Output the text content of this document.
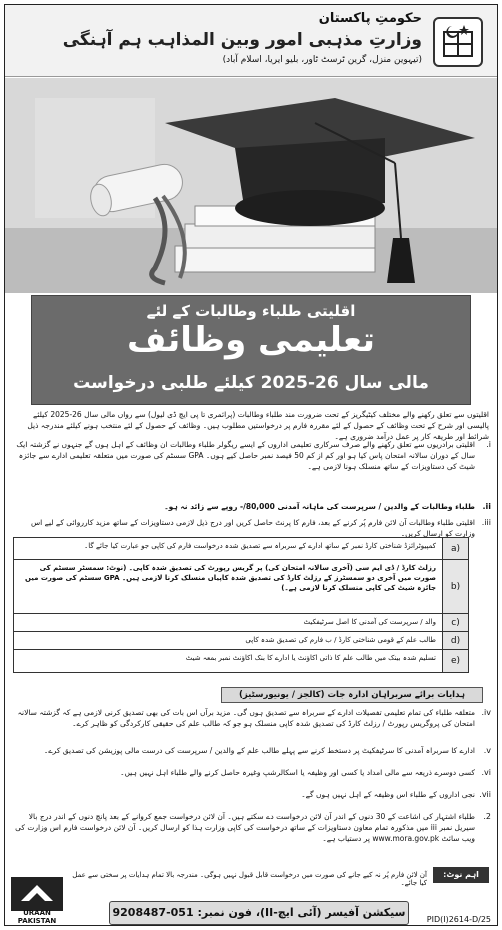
حکومتِ پاکستان
وزارتِ مذہبی امور وبین المذاہب ہم آہنگی
(تیہوین منزل، گرین ٹرسٹ ٹاور، بلیو ایریا، اسلام آباد)
اقلیتی طلباء وطالبات کے لئے
تعلیمی وظائف
مالی سال 26-2025 کیلئے طلبی درخواست
اقلیتوں سے تعلق رکھنے والے مختلف کیٹیگریز کے تحت ضرورت مند طلباء وطالبات (پرائمری تا پی ایچ ڈی لیول) سے رواں مالی سال 26-2025 کیلئے پالیسی اور شرح کے تحت وظائف کے حصول کے لئے مقررہ فارم پر درخواستیں مطلوب ہیں۔ وظائف کے حصول کے لئے منتخب ہونے کیلئے مندرجہ ذیل شرائط اور طریقہ کار پر عمل درآمد ضروری ہے۔
i.
اقلیتی برادریوں سے تعلق رکھنے والے صرف سرکاری تعلیمی اداروں کے ایسے ریگولر طلباء وطالبات ان وظائف کے اہل ہوں گے جنہوں نے گزشتہ ایک سال کے دوران سالانہ امتحان پاس کیا ہو اور کم از کم 50 فیصد نمبر حاصل کیے ہوں۔ GPA سسٹم کی صورت میں متعلقہ تعلیمی ادارے سے جائزہ شیٹ کی دستاویزات کے ساتھ منسلک ہونا لازمی ہے۔
ii.
طلباء وطالبات کے والدین / سرپرست کی ماہانہ آمدنی 80,000/- روپے سے زائد نہ ہو۔
iii.
اقلیتی طلباء وطالبات آن لائن فارم پُر کرنے کے بعد، فارم کا پرنٹ حاصل کریں اور درج ذیل لازمی دستاویزات کے ساتھ مزید کارروائی کے لیے اس وزارت کو ارسال کریں۔
کمپیوٹرائزڈ شناختی کارڈ نمبر کے ساتھ ادارے کے سربراہ سے تصدیق شدہ درخواست فارم کی کاپی جو عبارت کیا جائے گا۔	a)
رزلٹ کارڈ / ڈی ایم سی (آخری سالانہ امتحان کی) پر گریس رپورٹ کی تصدیق شدہ کاپی۔ (نوٹ: سمسٹر سسٹم کی صورت میں آخری دو سمسٹرز کے رزلٹ کارڈ کی تصدیق شدہ کاپیاں منسلک کرنا لازمی ہیں۔ GPA سسٹم کی صورت میں جائزہ شیٹ کی کاپی منسلک کرنا لازمی ہے۔)	b)
والد / سرپرست کی آمدنی کا اصل سرٹیفکیٹ	c)
طالب علم کے قومی شناختی کارڈ / ب فارم کی تصدیق شدہ کاپی	d)
تسلیم شدہ بینک میں طالب علم کا ذاتی اکاؤنٹ یا ادارے کا بنک اکاؤنٹ نمبر بمعہ شیٹ	e)
ہدایات برائے سربراہان ادارہ جات (کالجز / یونیورسٹیز)
iv.
متعلقہ طلباء کی تمام تعلیمی تفصیلات ادارے کے سربراہ سے تصدیق ہوں گی۔ مزید برآں اس بات کی بھی تصدیق کرنی لازمی ہے کہ گزشتہ سالانہ امتحان کی پروگریس رپورٹ / رزلٹ کارڈ کی تصدیق شدہ کاپی منسلک ہو جو کہ طالب علم کی حقیقی کارکردگی کو ظاہر کرے۔
v.
ادارے کا سربراہ آمدنی کا سرٹیفکیٹ پر دستخط کرنے سے پہلے طالب علم کے والدین / سرپرست کی درست مالی پوزیشن کی تصدیق کرے۔
vi.
کسی دوسرے ذریعہ سے مالی امداد یا کسی اور وظیفہ یا اسکالرشپ وغیرہ حاصل کرنے والے طلباء اہل نہیں ہیں۔
vii.
نجی اداروں کے طلباء اس وظیفہ کے اہل نہیں ہوں گے۔
2.
طلباء اشتہار کی اشاعت کے 30 دنوں کے اندر آن لائن درخواست دے سکتے ہیں۔ آن لائن درخواست جمع کروانے کے بعد پانچ دنوں کے اندر درج بالا سیریل نمبر iii میں مذکورہ تمام معاون دستاویزات کے ساتھ درخواست کی کاپی وزارت ہذا کو ارسال کریں۔ آن لائن درخواست فارم اس وزارت کی ویب سائٹ www.mora.gov.pk پر دستیاب ہے۔
اہم نوٹ:
آن لائن فارم پُر نہ کیے جانے کی صورت میں درخواست قابل قبول نہیں ہوگی۔ مندرجہ بالا تمام ہدایات پر سختی سے عمل کیا جائے۔
URAAN PAKISTAN
سیکشن آفیسر (آئی ایچ-II)، فون نمبر: 051-9208487
PID(I)2614-D/25
